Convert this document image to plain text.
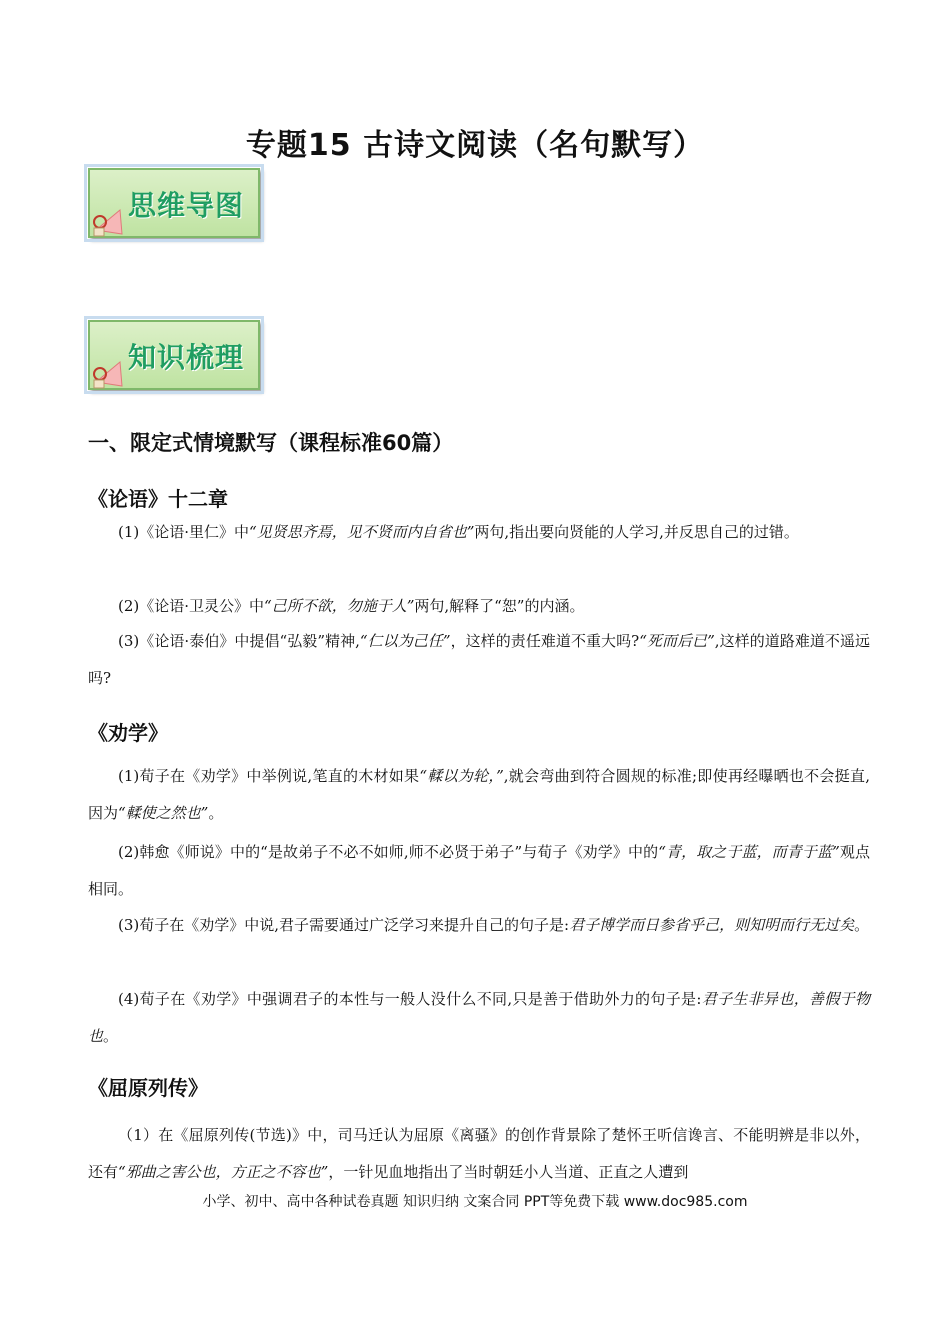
专题15 古诗文阅读（名句默写）
思维导图
知识梳理
一、限定式情境默写（课程标准60篇）
《论语》十二章
(1)《论语·里仁》中“见贤思齐焉，见不贤而内自省也”两句,指出要向贤能的人学习,并反思自己的过错。
(2)《论语·卫灵公》中“己所不欲，勿施于人”两句,解释了“恕”的内涵。
(3)《论语·泰伯》中提倡“弘毅”精神,“仁以为己任”，这样的责任难道不重大吗?“死而后已”,这样的道路难道不遥远吗?
《劝学》
(1)荀子在《劝学》中举例说,笔直的木材如果“輮以为轮，”,就会弯曲到符合圆规的标准;即使再经曝晒也不会挺直,因为“輮使之然也”。
(2)韩愈《师说》中的“是故弟子不必不如师,师不必贤于弟子”与荀子《劝学》中的“青，取之于蓝，而青于蓝”观点相同。
(3)荀子在《劝学》中说,君子需要通过广泛学习来提升自己的句子是:君子博学而日参省乎己，则知明而行无过矣。
(4)荀子在《劝学》中强调君子的本性与一般人没什么不同,只是善于借助外力的句子是:君子生非异也，善假于物也。
《屈原列传》
（1）在《屈原列传(节选)》中，司马迁认为屈原《离骚》的创作背景除了楚怀王听信谗言、不能明辨是非以外，还有“邪曲之害公也，方正之不容也”，一针见血地指出了当时朝廷小人当道、正直之人遭到
小学、初中、高中各种试卷真题 知识归纳 文案合同 PPT等免费下载 www.doc985.com
